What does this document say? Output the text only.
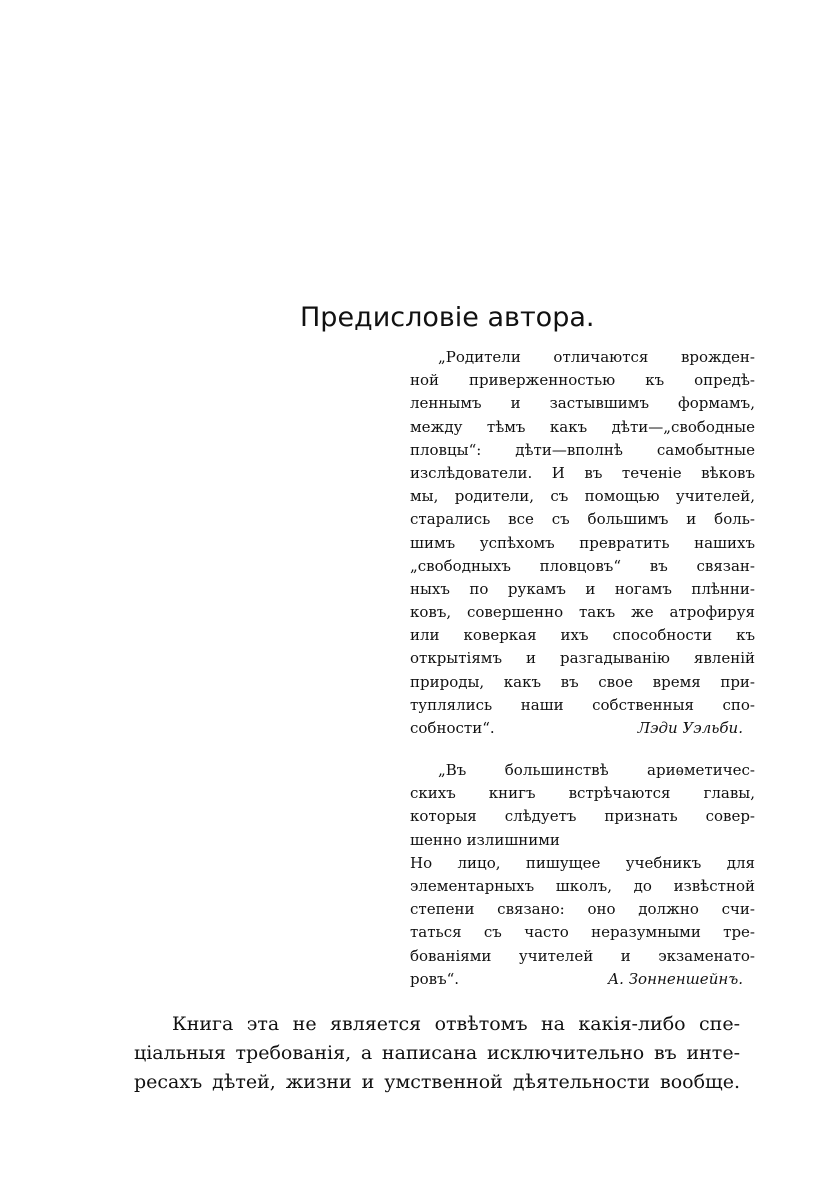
Предисловіе автора.
„Родители отличаются врожден-
ной приверженностью къ опредѣ-
леннымъ и застывшимъ формамъ,
между тѣмъ какъ дѣти—„свободные
пловцы“: дѣти—вполнѣ самобытные
изслѣдователи. И въ теченіе вѣковъ
мы, родители, съ помощью учителей,
старались все съ большимъ и боль-
шимъ успѣхомъ превратить нашихъ
„свободныхъ пловцовъ“ въ связан-
ныхъ по рукамъ и ногамъ плѣнни-
ковъ, совершенно такъ же атрофируя
или коверкая ихъ способности къ
открытіямъ и разгадыванію явленій
природы, какъ въ свое время при-
туплялись наши собственныя спо-
собности“.	Лэди Уэльби.
„Въ большинствѣ ариѳметичес-
скихъ книгъ встрѣчаются главы,
которыя слѣдуетъ признать совер-
шенно излишними
Но лицо, пишущее учебникъ для
элементарныхъ школъ, до извѣстной
степени связано: оно должно счи-
таться съ часто неразумными тре-
бованіями учителей и экзаменато-
ровъ“.	А. Зонненшейнъ.
Книга эта не является отвѣтомъ на какія-либо спе-
ціальныя требованія, а написана исключительно въ инте-
ресахъ дѣтей, жизни и умственной дѣятельности вообще.
